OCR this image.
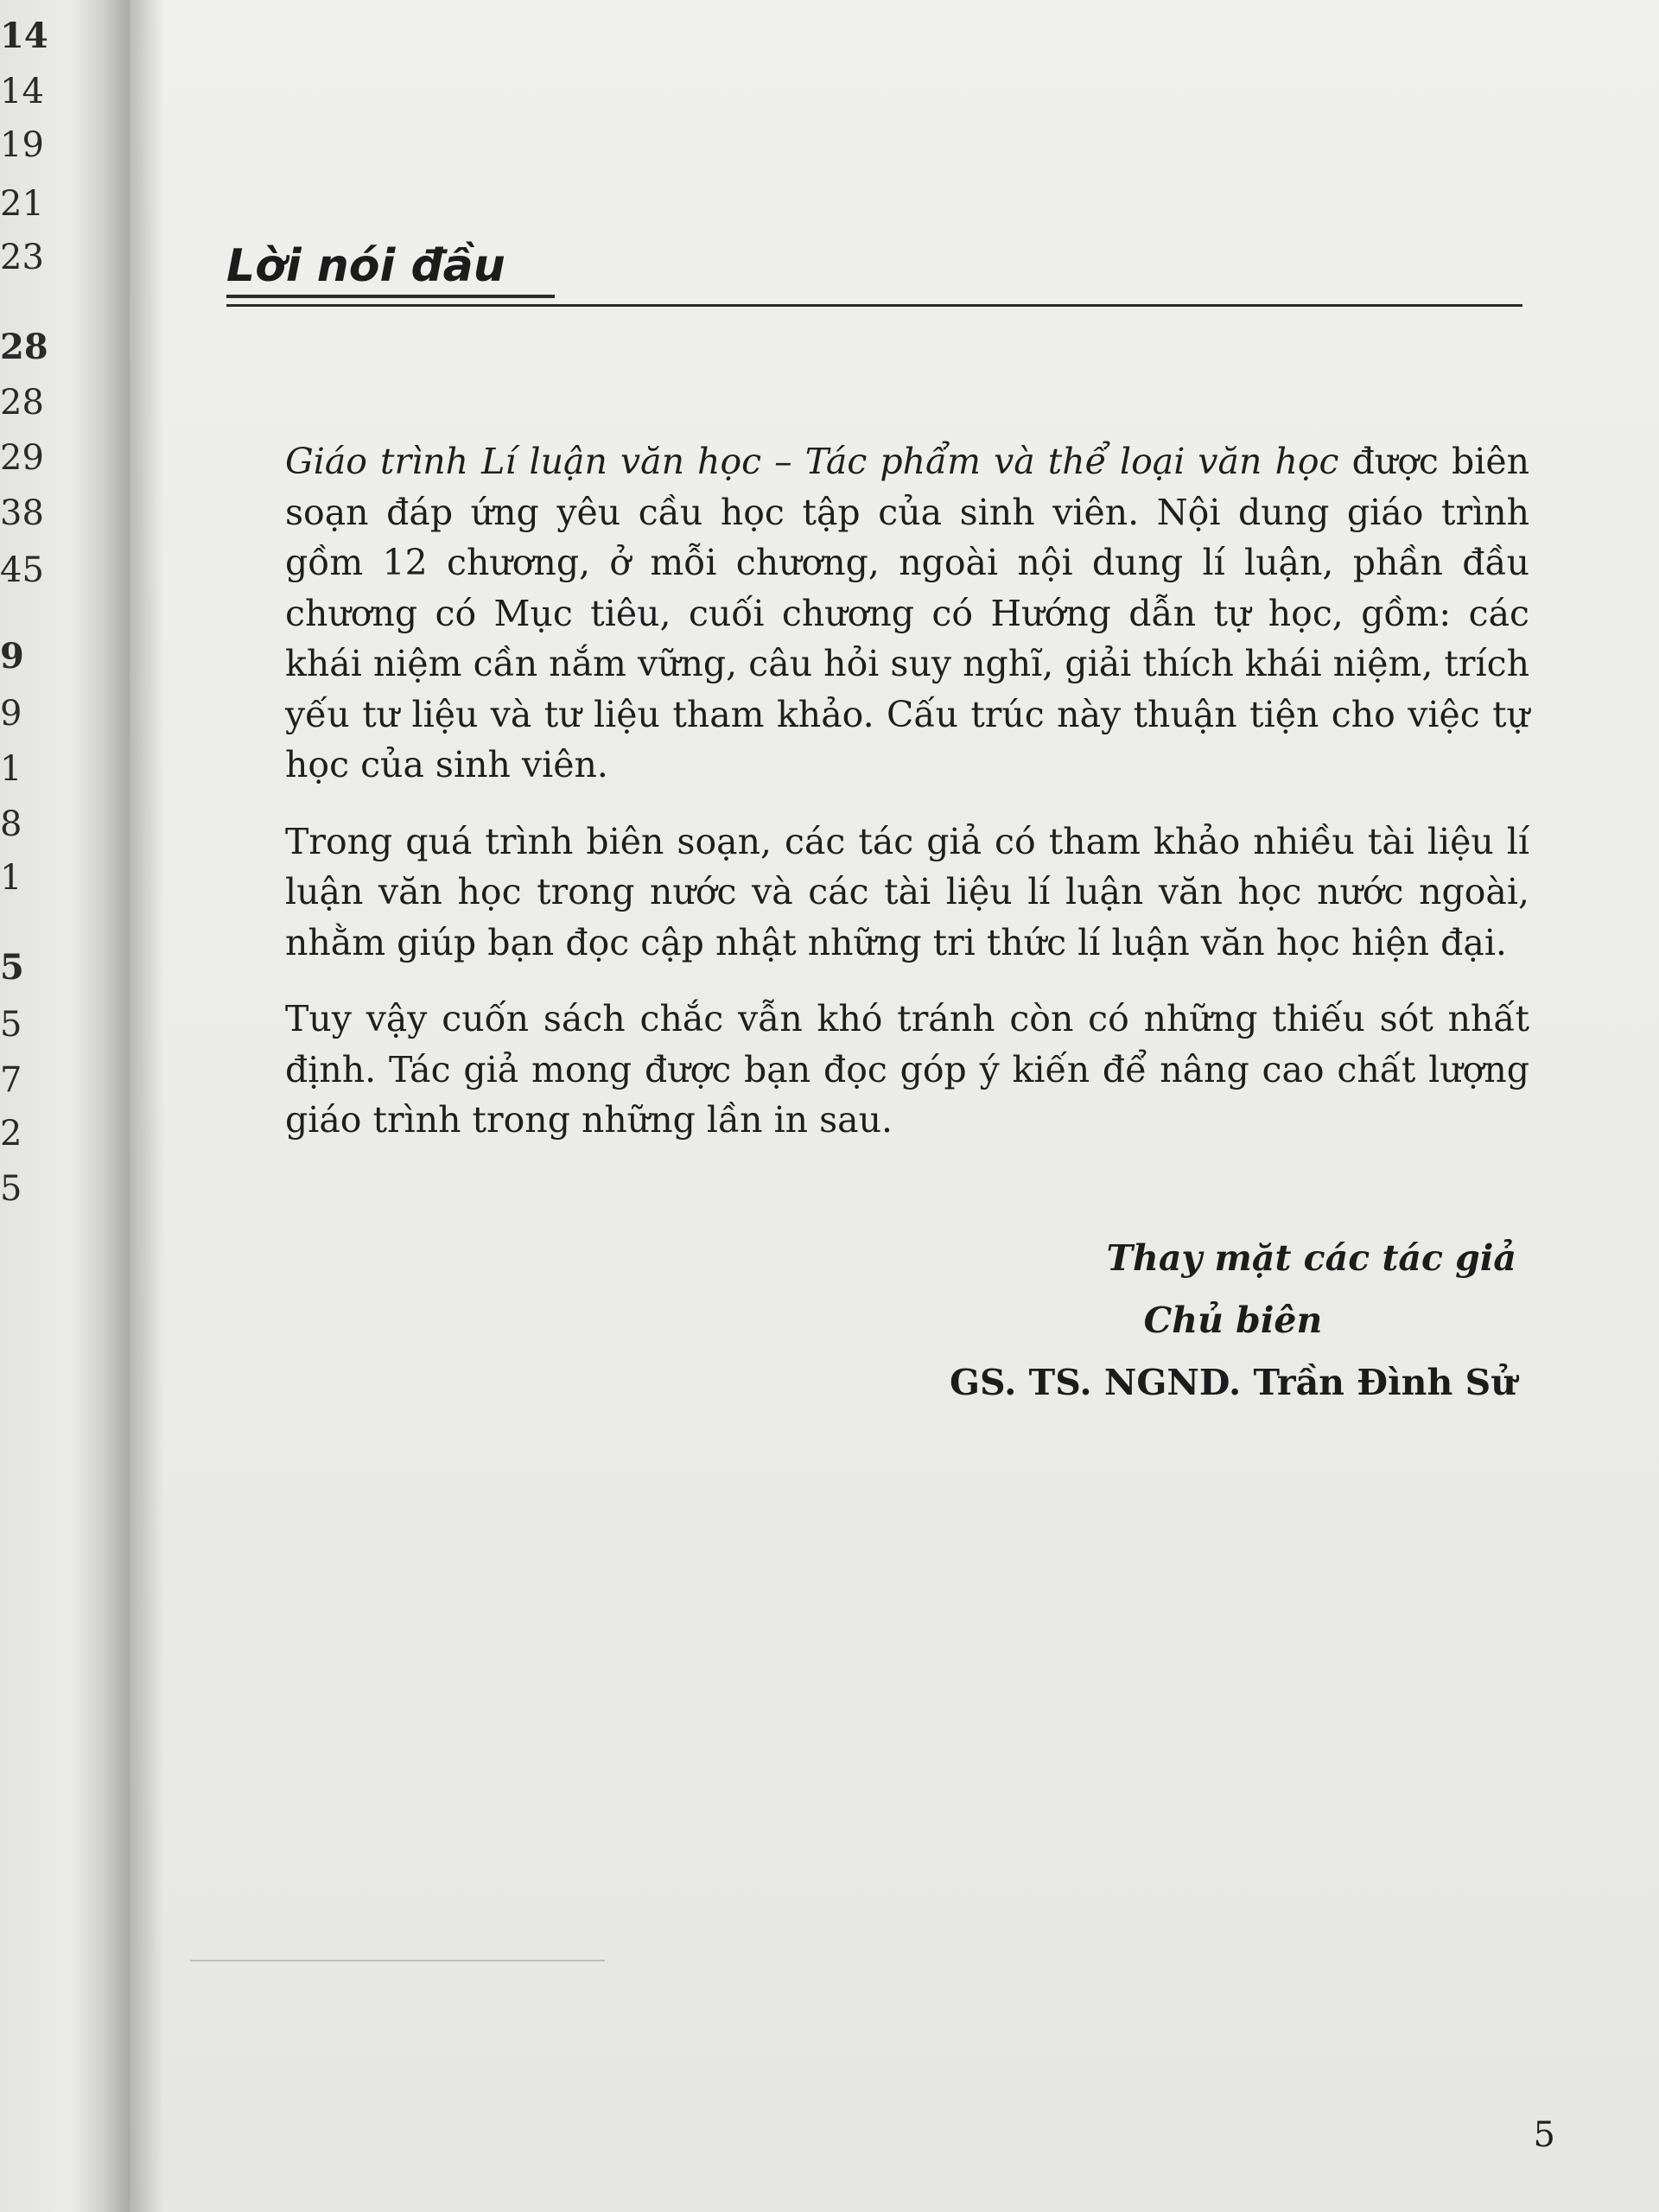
14
14
19
21
23
28
28
29
38
45
9
9
1
8
1
5
5
7
2
5
Lời nói đầu

Giáo trình Lí luận văn học – Tác phẩm và thể loại văn học được biên soạn đáp ứng yêu cầu học tập của sinh viên. Nội dung giáo trình gồm 12 chương, ở mỗi chương, ngoài nội dung lí luận, phần đầu chương có Mục tiêu, cuối chương có Hướng dẫn tự học, gồm: các khái niệm cần nắm vững, câu hỏi suy nghĩ, giải thích khái niệm, trích yếu tư liệu và tư liệu tham khảo. Cấu trúc này thuận tiện cho việc tự học của sinh viên.

Trong quá trình biên soạn, các tác giả có tham khảo nhiều tài liệu lí luận văn học trong nước và các tài liệu lí luận văn học nước ngoài, nhằm giúp bạn đọc cập nhật những tri thức lí luận văn học hiện đại.

Tuy vậy cuốn sách chắc vẫn khó tránh còn có những thiếu sót nhất định. Tác giả mong được bạn đọc góp ý kiến để nâng cao chất lượng giáo trình trong những lần in sau.

Thay mặt các tác giả
Chủ biên
GS. TS. NGND. Trần Đình Sử
5
